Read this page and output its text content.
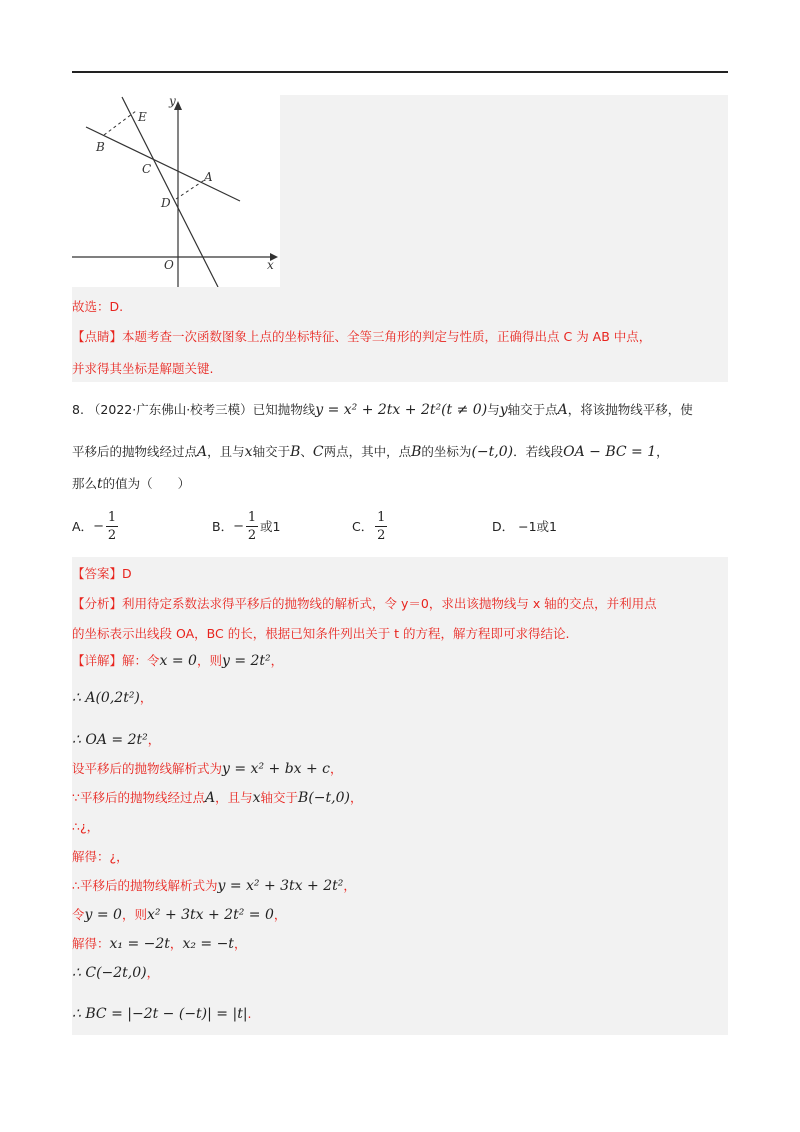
E
y
B
C
A
D
O	x
故选：D.
【点睛】本题考查一次函数图象上点的坐标特征、全等三角形的判定与性质，正确得出点 C 为 AB 中点，
并求得其坐标是解题关键.
8. （2022·广东佛山·校考三模）已知抛物线y = x² + 2tx + 2t²(t ≠ 0)与y轴交于点A，将该抛物线平移，使
平移后的抛物线经过点A，且与x轴交于B、C两点，其中，点B的坐标为(−t,0)．若线段OA − BC = 1，
那么t的值为（　　）
A． − $\frac{1}{2}$	B． − $\frac{1}{2}$ 或1	C． $\frac{1}{2}$	D．
−1或1
【答案】D
【分析】利用待定系数法求得平移后的抛物线的解析式，令 y＝0，求出该抛物线与 x 轴的交点，并利用点
的坐标表示出线段 OA，BC 的长，根据已知条件列出关于 t 的方程，解方程即可求得结论.
【详解】解：令x = 0，则y = 2t²，
∴ A(0,2t²)，
∴ OA = 2t²，
设平移后的抛物线解析式为y = x² + bx + c，
∵平移后的抛物线经过点A，且与x轴交于B(−t,0)，
∴¿，
解得：¿，
∴平移后的抛物线解析式为y = x² + 3tx + 2t²，
令y = 0，则x² + 3tx + 2t² = 0，
解得：x₁ = −2t，x₂ = −t，
∴ C(−2t,0)，
∴ BC = |−2t − (−t)| = |t|.
